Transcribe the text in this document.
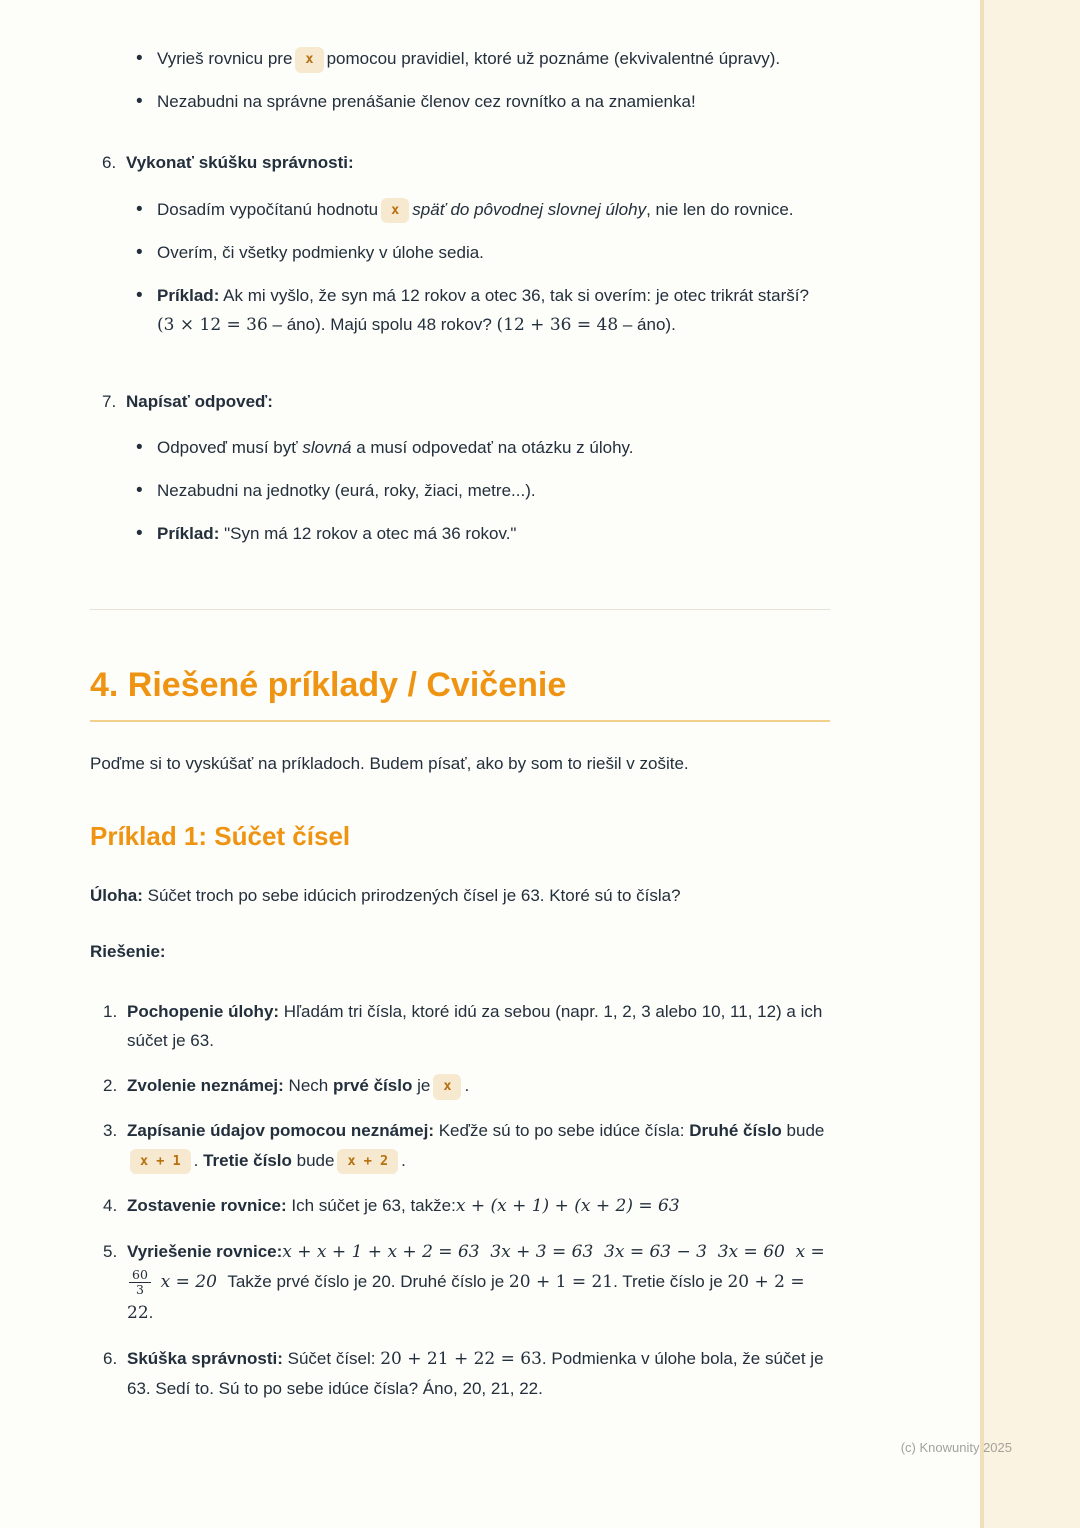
• Vyrieš rovnicu pre x pomocou pravidiel, ktoré už poznáme (ekvivalentné úpravy).
• Nezabudni na správne prenášanie členov cez rovnítko a na znamienka!
6. Vykonať skúšku správnosti:
• Dosadím vypočítanú hodnotu x späť do pôvodnej slovnej úlohy, nie len do rovnice.
• Overím, či všetky podmienky v úlohe sedia.
• Príklad: Ak mi vyšlo, že syn má 12 rokov a otec 36, tak si overím: je otec trikrát starší? (3 × 12 = 36 – áno). Majú spolu 48 rokov? (12 + 36 = 48 – áno).
7. Napísať odpoveď:
• Odpoveď musí byť slovná a musí odpovedať na otázku z úlohy.
• Nezabudni na jednotky (eurá, roky, žiaci, metre...).
• Príklad: "Syn má 12 rokov a otec má 36 rokov."
4. Riešené príklady / Cvičenie

Poďme si to vyskúšať na príkladoch. Budem písať, ako by som to riešil v zošite.

Príklad 1: Súčet čísel

Úloha: Súčet troch po sebe idúcich prirodzených čísel je 63. Ktoré sú to čísla?

Riešenie:

1. Pochopenie úlohy: Hľadám tri čísla, ktoré idú za sebou (napr. 1, 2, 3 alebo 10, 11, 12) a ich súčet je 63.
2. Zvolenie neznámej: Nech prvé číslo je x .
3. Zapísanie údajov pomocou neznámej: Keďže sú to po sebe idúce čísla: Druhé číslo budex + 1 . Tretie číslo bude x + 2 .
4. Zostavenie rovnice: Ich súčet je 63, takže:x + (x + 1) + (x + 2) = 63
5. Vyriešenie rovnice:x + x + 1 + x + 2 = 63 3x + 3 = 63 3x = 63 − 3 3x = 60 x =
$\frac{60}{3}$ x = 20 Takže prvé číslo je 20. Druhé číslo je 20 + 1 = 21. Tretie číslo je 20 + 2 = 22.
6. Skúška správnosti: Súčet čísel: 20 + 21 + 22 = 63. Podmienka v úlohe bola, že súčet je 63. Sedí to. Sú to po sebe idúce čísla? Áno, 20, 21, 22.
(c) Knowunity 2025
